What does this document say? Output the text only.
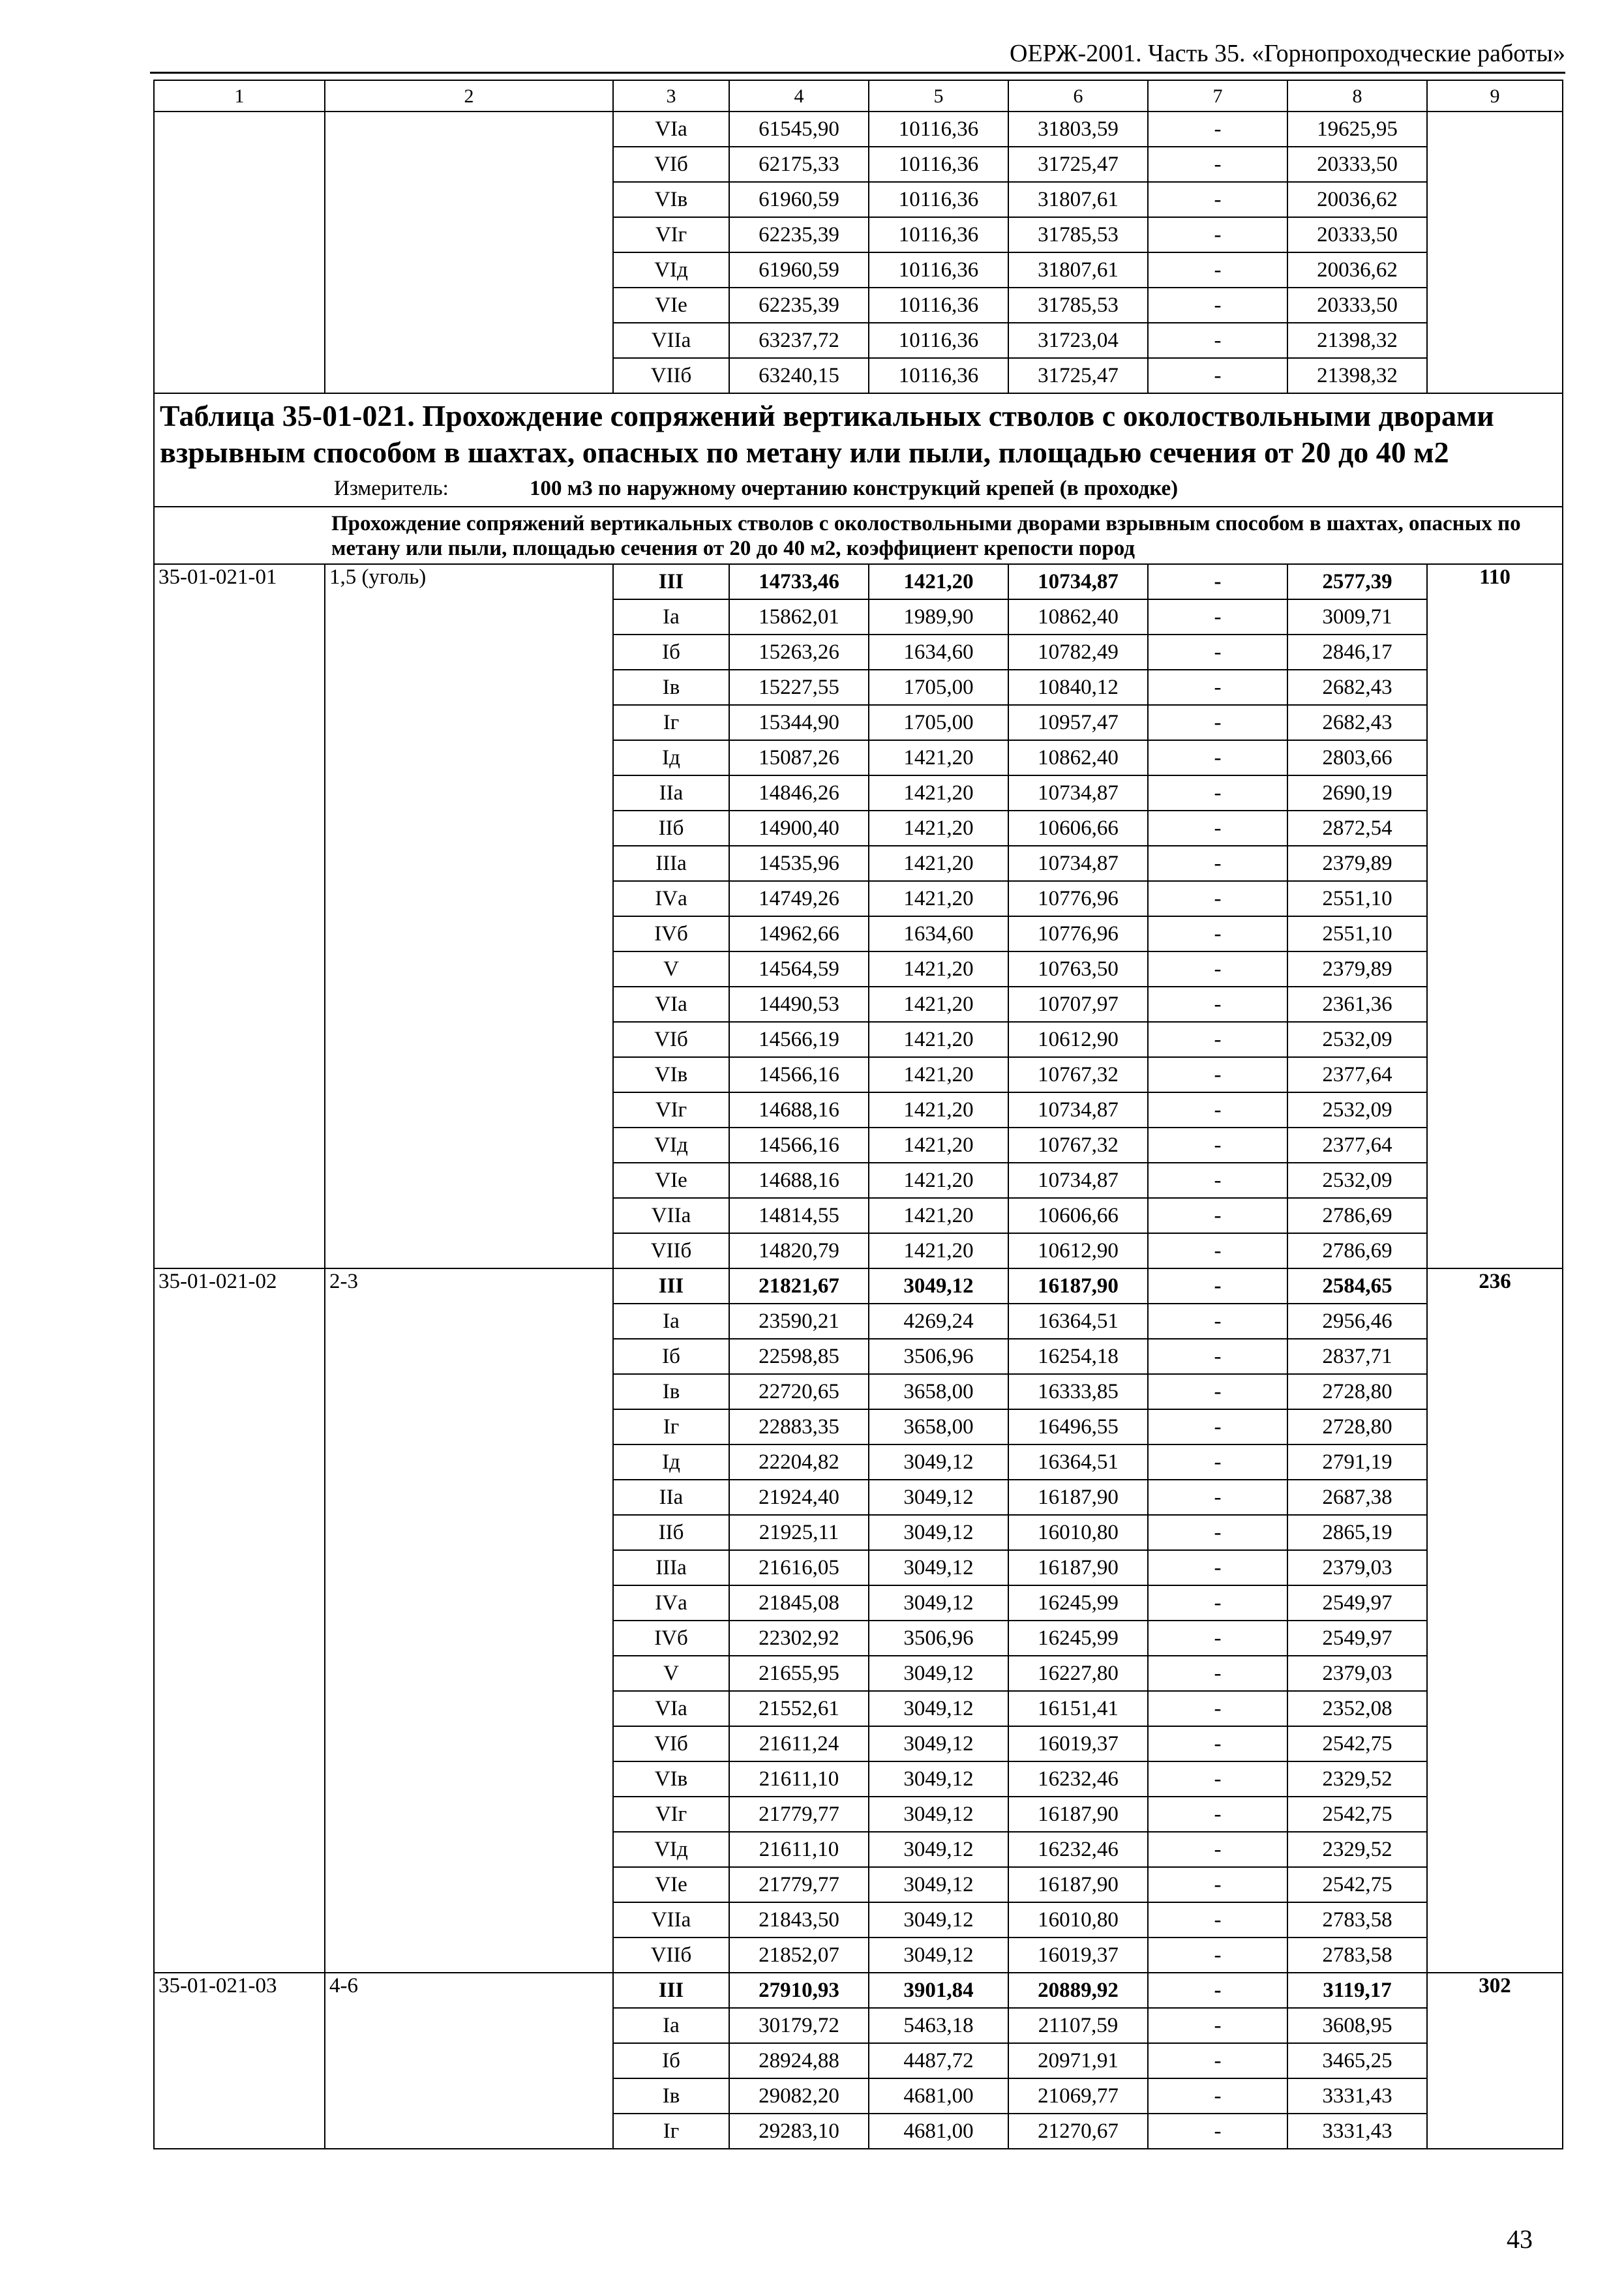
ОЕРЖ-2001. Часть 35. «Горнопроходческие работы»
1	2	3	4	5	6	7	8	9
		VIа	61545,90	10116,36	31803,59	-	19625,95	
		VIб	62175,33	10116,36	31725,47	-	20333,50	
		VIв	61960,59	10116,36	31807,61	-	20036,62	
		VIг	62235,39	10116,36	31785,53	-	20333,50	
		VIд	61960,59	10116,36	31807,61	-	20036,62	
		VIе	62235,39	10116,36	31785,53	-	20333,50	
		VIIа	63237,72	10116,36	31723,04	-	21398,32	
		VIIб	63240,15	10116,36	31725,47	-	21398,32	

Таблица 35-01-021. Прохождение сопряжений вертикальных стволов с околоствольными дворами взрывным способом в шахтах, опасных по метану или пыли, площадью сечения от 20 до 40 м2
Измеритель: 100 м3 по наружному очертанию конструкций крепей (в проходке)								

Прохождение сопряжений вертикальных стволов с околоствольными дворами взрывным способом в шахтах, опасных по метану или пыли, площадью сечения от 20 до 40 м2, коэффициент крепости пород								

35-01-021-01	1,5 (уголь)	III	14733,46	1421,20	10734,87	-	2577,39	110
		Iа	15862,01	1989,90	10862,40	-	3009,71	
		Iб	15263,26	1634,60	10782,49	-	2846,17	
		Iв	15227,55	1705,00	10840,12	-	2682,43	
		Iг	15344,90	1705,00	10957,47	-	2682,43	
		Iд	15087,26	1421,20	10862,40	-	2803,66	
		IIа	14846,26	1421,20	10734,87	-	2690,19	
		IIб	14900,40	1421,20	10606,66	-	2872,54	
		IIIа	14535,96	1421,20	10734,87	-	2379,89	
		IVа	14749,26	1421,20	10776,96	-	2551,10	
		IVб	14962,66	1634,60	10776,96	-	2551,10	
		V	14564,59	1421,20	10763,50	-	2379,89	
		VIа	14490,53	1421,20	10707,97	-	2361,36	
		VIб	14566,19	1421,20	10612,90	-	2532,09	
		VIв	14566,16	1421,20	10767,32	-	2377,64	
		VIг	14688,16	1421,20	10734,87	-	2532,09	
		VIд	14566,16	1421,20	10767,32	-	2377,64	
		VIе	14688,16	1421,20	10734,87	-	2532,09	
		VIIа	14814,55	1421,20	10606,66	-	2786,69	
		VIIб	14820,79	1421,20	10612,90	-	2786,69	
35-01-021-02	2-3	III	21821,67	3049,12	16187,90	-	2584,65	236
		Iа	23590,21	4269,24	16364,51	-	2956,46	
		Iб	22598,85	3506,96	16254,18	-	2837,71	
		Iв	22720,65	3658,00	16333,85	-	2728,80	
		Iг	22883,35	3658,00	16496,55	-	2728,80	
		Iд	22204,82	3049,12	16364,51	-	2791,19	
		IIа	21924,40	3049,12	16187,90	-	2687,38	
		IIб	21925,11	3049,12	16010,80	-	2865,19	
		IIIа	21616,05	3049,12	16187,90	-	2379,03	
		IVа	21845,08	3049,12	16245,99	-	2549,97	
		IVб	22302,92	3506,96	16245,99	-	2549,97	
		V	21655,95	3049,12	16227,80	-	2379,03	
		VIа	21552,61	3049,12	16151,41	-	2352,08	
		VIб	21611,24	3049,12	16019,37	-	2542,75	
		VIв	21611,10	3049,12	16232,46	-	2329,52	
		VIг	21779,77	3049,12	16187,90	-	2542,75	
		VIд	21611,10	3049,12	16232,46	-	2329,52	
		VIе	21779,77	3049,12	16187,90	-	2542,75	
		VIIа	21843,50	3049,12	16010,80	-	2783,58	
		VIIб	21852,07	3049,12	16019,37	-	2783,58	
35-01-021-03	4-6	III	27910,93	3901,84	20889,92	-	3119,17	302
		Iа	30179,72	5463,18	21107,59	-	3608,95	
		Iб	28924,88	4487,72	20971,91	-	3465,25	
		Iв	29082,20	4681,00	21069,77	-	3331,43	
		Iг	29283,10	4681,00	21270,67	-	3331,43	
43
